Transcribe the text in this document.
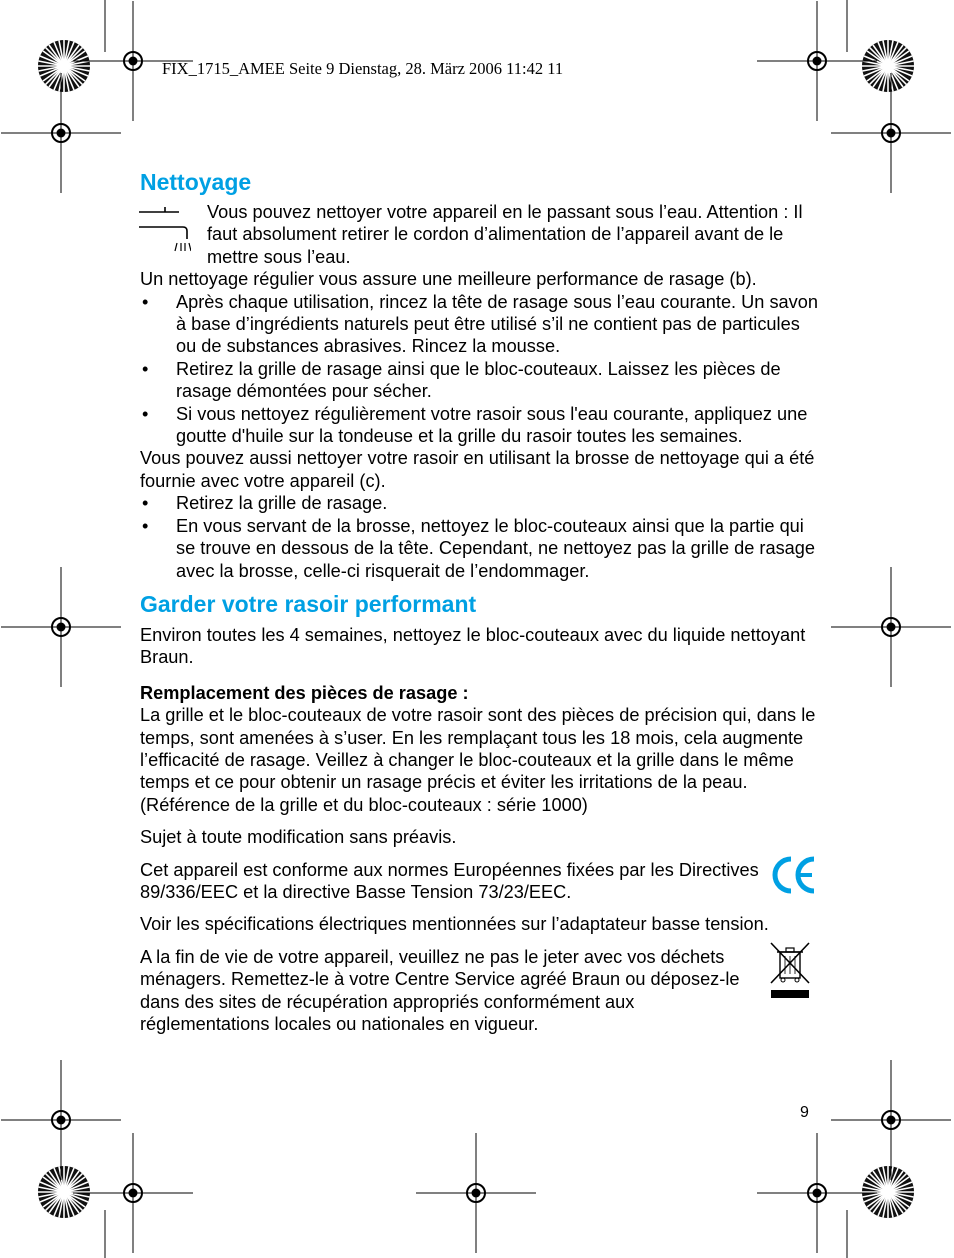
FIX_1715_AMEE Seite 9 Dienstag, 28. März 2006 11:42 11
Nettoyage

Vous pouvez nettoyer votre appareil en le passant sous l’eau. Attention : Il faut absolument retirer le cordon d’alimentation de l’appareil avant de le mettre sous l’eau.

Un nettoyage régulier vous assure une meilleure performance de rasage (b).

• Après chaque utilisation, rincez la tête de rasage sous l’eau courante. Un savon à base d’ingrédients naturels peut être utilisé s’il ne contient pas de particules ou de substances abrasives. Rincez la mousse.
• Retirez la grille de rasage ainsi que le bloc-couteaux. Laissez les pièces de rasage démontées pour sécher.
• Si vous nettoyez régulièrement votre rasoir sous l'eau courante, appliquez une goutte d'huile sur la tondeuse et la grille du rasoir toutes les semaines.

Vous pouvez aussi nettoyer votre rasoir en utilisant la brosse de nettoyage qui a été fournie avec votre appareil (c).

• Retirez la grille de rasage.
• En vous servant de la brosse, nettoyez le bloc-couteaux ainsi que la partie qui se trouve en dessous de la tête. Cependant, ne nettoyez pas la grille de rasage avec la brosse, celle-ci risquerait de l’endommager.
Garder votre rasoir performant

Environ toutes les 4 semaines, nettoyez le bloc-couteaux avec du liquide nettoyant Braun.

Remplacement des pièces de rasage :

La grille et le bloc-couteaux de votre rasoir sont des pièces de précision qui, dans le temps, sont amenées à s’user. En les remplaçant tous les 18 mois, cela augmente l’efficacité de rasage. Veillez à changer le bloc-couteaux et la grille dans le même temps et ce pour obtenir un rasage précis et éviter les irritations de la peau. (Référence de la grille et du bloc-couteaux : série 1000)

Sujet à toute modification sans préavis.

Cet appareil est conforme aux normes Européennes fixées par les Directives 89/336/EEC et la directive Basse Tension 73/23/EEC.

Voir les spécifications électriques mentionnées sur l’adaptateur basse tension.

A la fin de vie de votre appareil, veuillez ne pas le jeter avec vos déchets ménagers. Remettez-le à votre Centre Service agréé Braun ou déposez-le dans des sites de récupération appropriés conformément aux réglementations locales ou nationales en vigueur.

9
